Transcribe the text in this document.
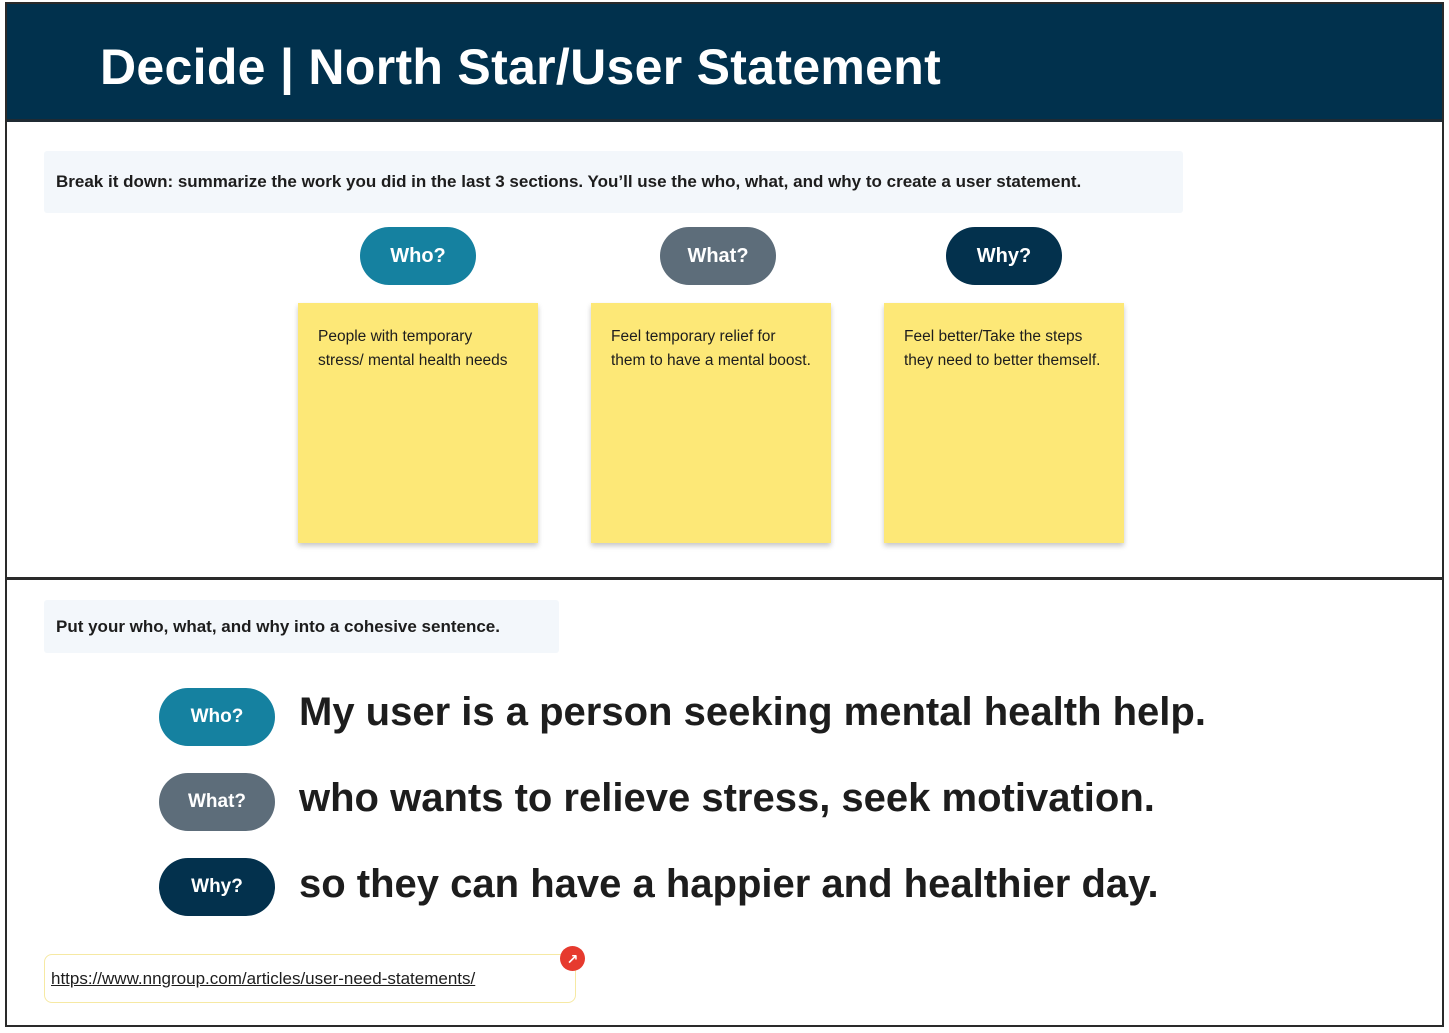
Decide | North Star/User Statement
Break it down: summarize the work you did in the last 3 sections. You’ll use the who, what, and why to create a user statement.
Who?	What?	Why?
People with temporary stress/ mental health needs
Feel temporary relief for them to have a mental boost.
Feel better/Take the steps they need to better themself.
Put your who, what, and why into a cohesive sentence.
Who?	My user is a person seeking mental health help.
What?	who wants to relieve stress, seek motivation.
Why?	so they can have a happier and healthier day.
https://www.nngroup.com/articles/user-need-statements/
↗
